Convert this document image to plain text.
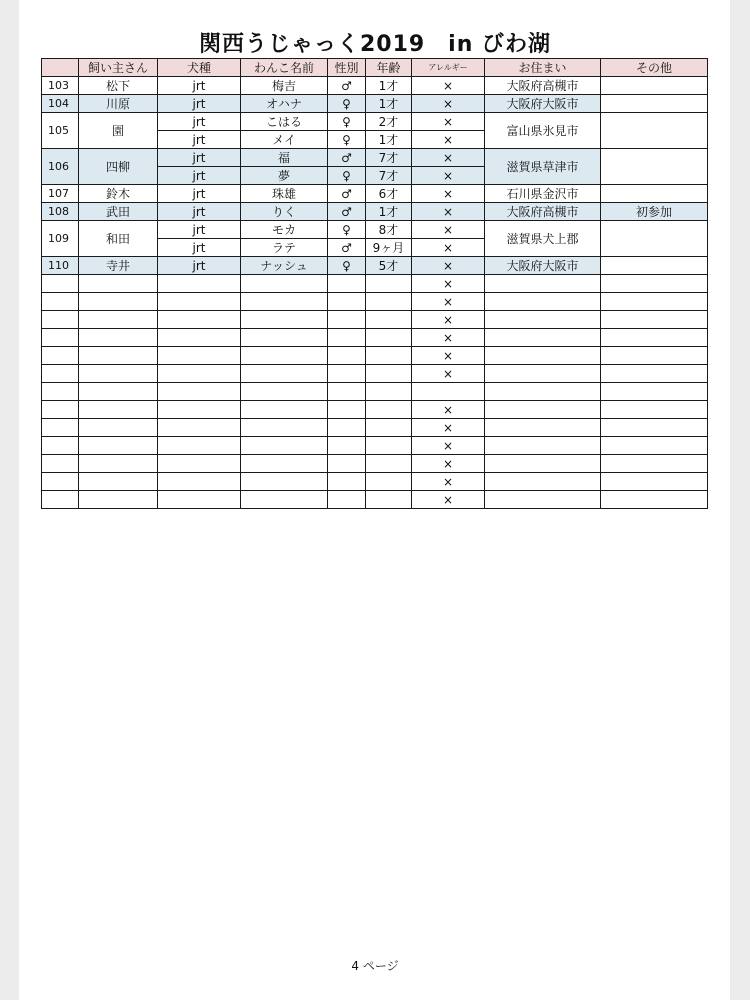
関西うじゃっく2019　in びわ湖
	飼い主さん	犬種	わんこ名前	性別	年齢	アレルギー	お住まい	その他
103	松下	jrt	梅吉	♂	1才	×	大阪府高槻市	
104	川原	jrt	オハナ	♀	1才	×	大阪府大阪市	
105	園	jrt	こはる	♀	2才	×	富山県氷見市	
		jrt	メイ	♀	1才	×		
106	四柳	jrt	福	♂	7才	×	滋賀県草津市	
		jrt	夢	♀	7才	×		
107	鈴木	jrt	珠雄	♂	6才	×	石川県金沢市	
108	武田	jrt	りく	♂	1才	×	大阪府高槻市	初参加
109	和田	jrt	モカ	♀	8才	×	滋賀県犬上郡	
		jrt	ラテ	♂	9ヶ月	×		
110	寺井	jrt	ナッシュ	♀	5才	×	大阪府大阪市	
						×		
						×		
						×		
						×		
						×		
						×		

						×		
						×		
						×		
						×		
						×		
						×		
4 ページ
